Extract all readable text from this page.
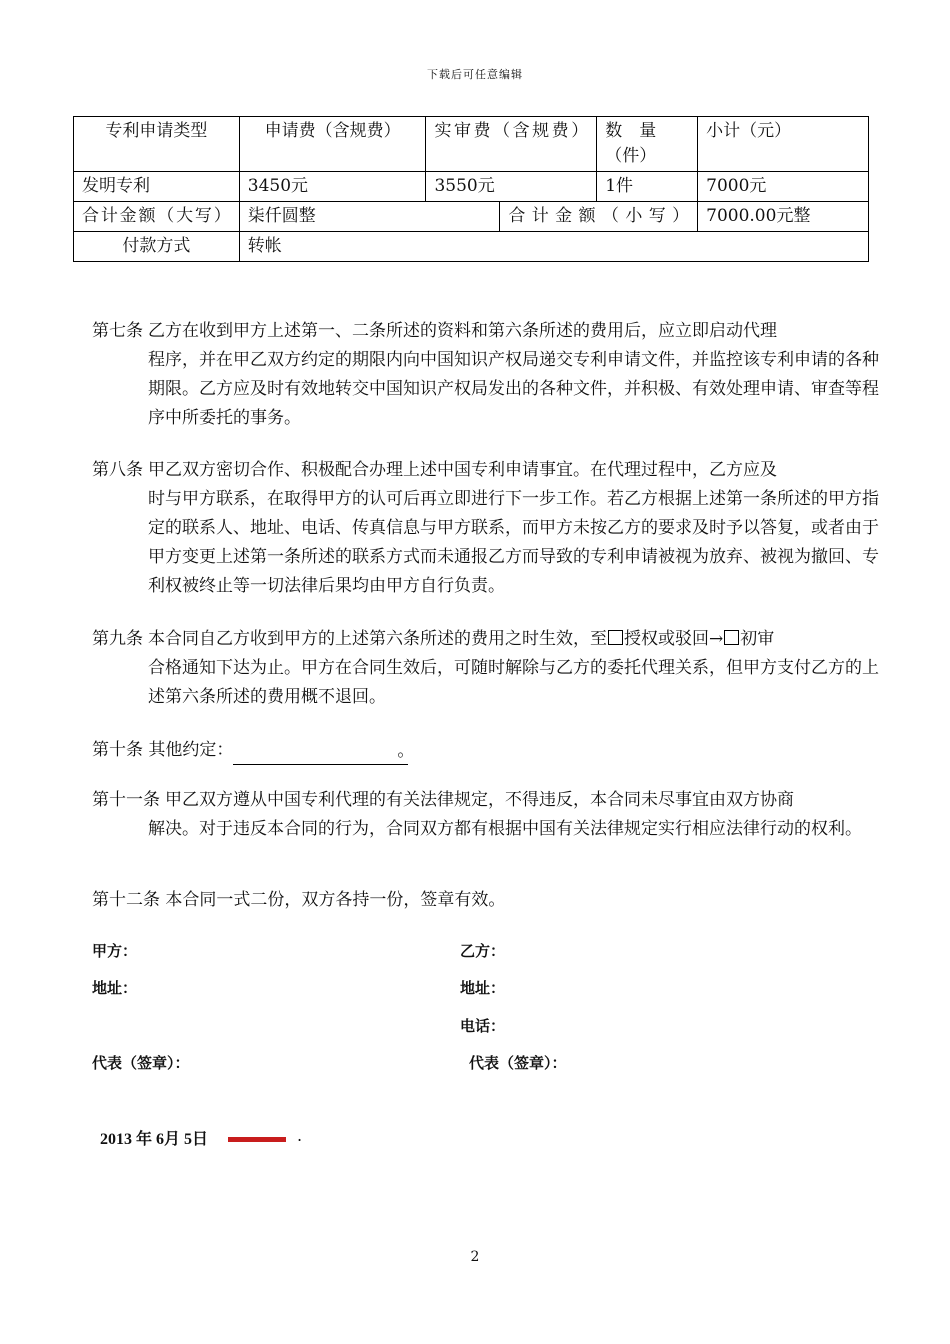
下载后可任意编辑
专利申请类型	申请费（含规费）	实审费（含规费）		数　量（件）	小计（元）
发明专利	3450元	3550元		1件	7000元
合计金额（大写）	柒仟圆整		合计金额（小写）		7000.00元整
付款方式	转帐				
第七条 乙方在收到甲方上述第一、二条所述的资料和第六条所述的费用后，应立即启动代理
程序，并在甲乙双方约定的期限内向中国知识产权局递交专利申请文件，并监控该专利申请的各种期限。乙方应及时有效地转交中国知识产权局发出的各种文件，并积极、有效处理申请、审查等程序中所委托的事务。
第八条 甲乙双方密切合作、积极配合办理上述中国专利申请事宜。在代理过程中，乙方应及
时与甲方联系，在取得甲方的认可后再立即进行下一步工作。若乙方根据上述第一条所述的甲方指定的联系人、地址、电话、传真信息与甲方联系，而甲方未按乙方的要求及时予以答复，或者由于甲方变更上述第一条所述的联系方式而未通报乙方而导致的专利申请被视为放弃、被视为撤回、专利权被终止等一切法律后果均由甲方自行负责。
第九条 本合同自乙方收到甲方的上述第六条所述的费用之时生效，至 授权或驳回→ 初审
合格通知下达为止。甲方在合同生效后，可随时解除与乙方的委托代理关系，但甲方支付乙方的上述第六条所述的费用概不退回。
第十条 其他约定：	。
第十一条 甲乙双方遵从中国专利代理的有关法律规定，不得违反，本合同未尽事宜由双方协商
解决。对于违反本合同的行为，合同双方都有根据中国有关法律规定实行相应法律行动的权利。
第十二条 本合同一式二份，双方各持一份，签章有效。
甲方：	乙方：
地址：	地址：
电话：
代表（签章）：	代表（签章）：
2013 年 6月 5日	.
2
